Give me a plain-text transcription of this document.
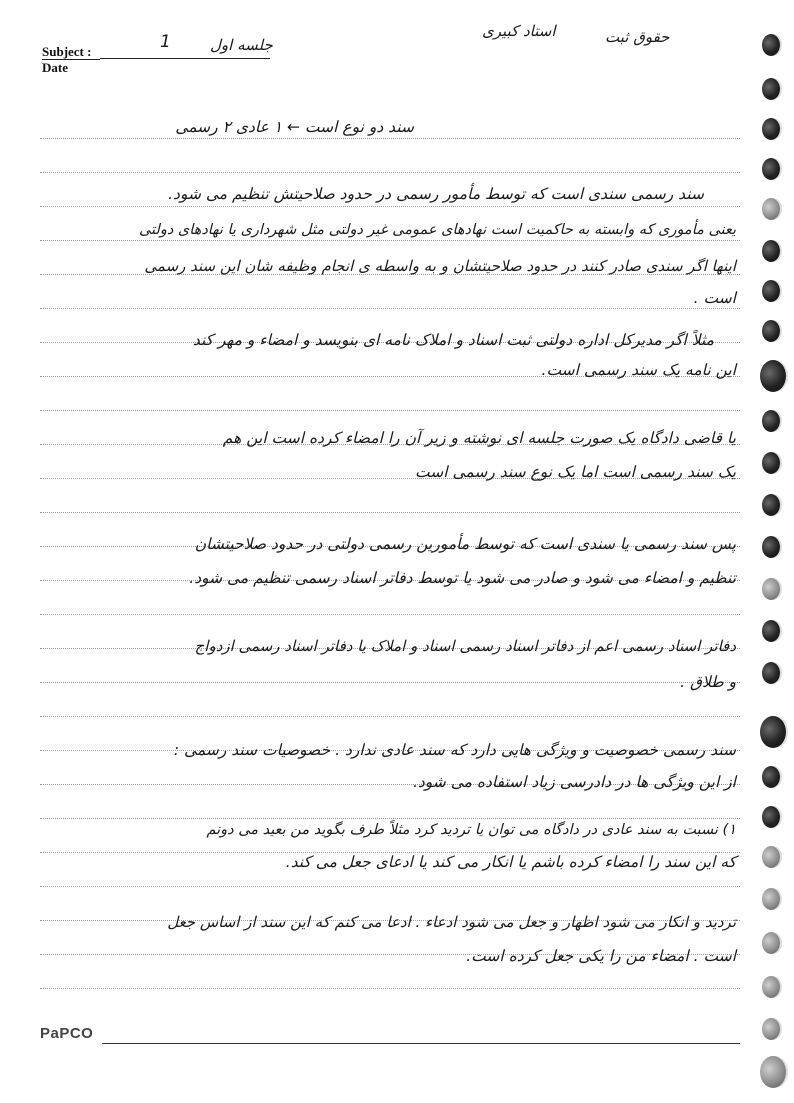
Subject :
Date
1	جلسه اول	حقوق ثبت
استاد کبیری
سند دو نوع است ← ۱ عادی ۲ رسمی
سند رسمی سندی است که توسط مأمور رسمی در حدود صلاحیتش تنظیم می شود.
یعنی مأموری که وابسته به حاکمیت است نهادهای عمومی غیر دولتی مثل شهرداری یا نهادهای دولتی
اینها اگر سندی صادر کنند در حدود صلاحیتشان و به واسطه ی انجام وظیفه شان این سند رسمی
است .
مثلاً اگر مدیرکل اداره دولتی ثبت اسناد و املاک نامه ای بنویسد و امضاء و مهر کند
این نامه یک سند رسمی است.
یا قاضی دادگاه یک صورت جلسه ای نوشته و زیر آن را امضاء کرده است این هم
یک سند رسمی است اما یک نوع سند رسمی است
پس سند رسمی یا سندی است که توسط مأمورین رسمی دولتی در حدود صلاحیتشان
تنظیم و امضاء می شود و صادر می شود یا توسط دفاتر اسناد رسمی تنظیم می شود.
دفاتر اسناد رسمی اعم از دفاتر اسناد رسمی اسناد و املاک یا دفاتر اسناد رسمی ازدواج
و طلاق .
سند رسمی خصوصیت و ویژگی هایی دارد که سند عادی ندارد . خصوصیات سند رسمی :
از این ویژگی ها در دادرسی زیاد استفاده می شود.
۱) نسبت به سند عادی در دادگاه می توان یا تردید کرد مثلاً طرف بگوید من بعید می دونم
که این سند را امضاء کرده باشم یا انکار می کند یا ادعای جعل می کند.
تردید و انکار می شود اظهار و جعل می شود ادعاء . ادعا می کنم که این سند از اساس جعل
است . امضاء من را یکی جعل کرده است.
PaPCO
